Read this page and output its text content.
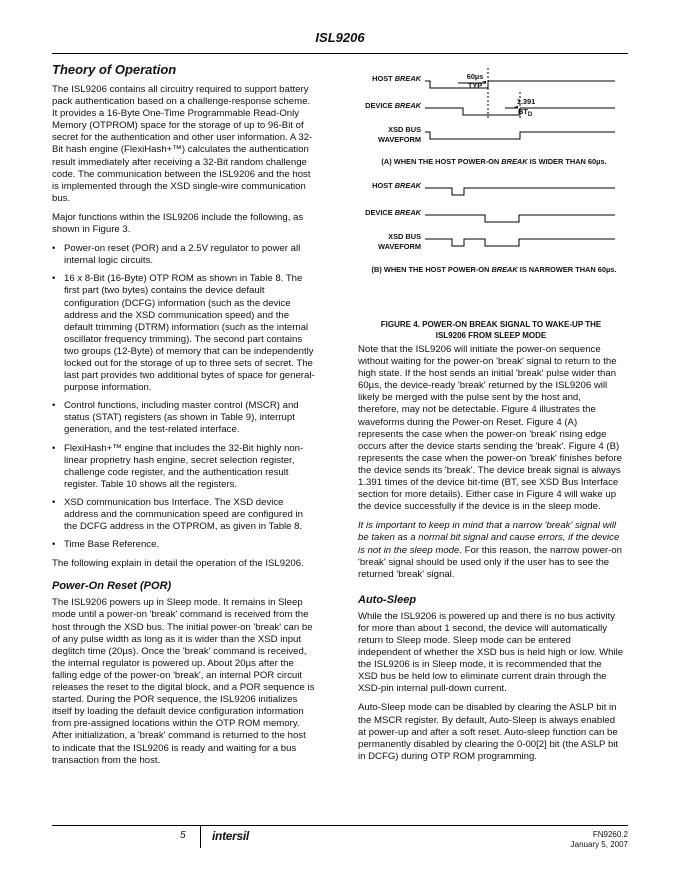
ISL9206
Theory of Operation

The ISL9206 contains all circuitry required to support battery pack authentication based on a challenge-response scheme. It provides a 16-Byte One-Time Programmable Read-Only Memory (OTPROM) space for the storage of up to 96-Bit of secret for the authentication and other user information. A 32-Bit hash engine (FlexiHash+™) calculates the authentication result immediately after receiving a 32-Bit random challenge code. The communication between the ISL9206 and the host is implemented through the XSD single-wire communication bus.

Major functions within the ISL9206 include the following, as shown in Figure 3.

• Power-on reset (POR) and a 2.5V regulator to power all internal logic circuits.
• 16 x 8-Bit (16-Byte) OTP ROM as shown in Table 8. The first part (two bytes) contains the device default configuration (DCFG) information (such as the device address and the XSD communication speed) and the default trimming (DTRM) information (such as the internal oscillator frequency trimming). The second part contains two groups (12-Byte) of memory that can be independently locked out for the storage of up to three sets of secret. The last part provides two additional bytes of space for general-purpose information.
• Control functions, including master control (MSCR) and status (STAT) registers (as shown in Table 9), interrupt generation, and the test-related interface.
• FlexiHash+™ engine that includes the 32-Bit highly non-linear proprietry hash engine, secret selection register, challenge code register, and the authentication result register. Table 10 shows all the registers.
• XSD communication bus Interface. The XSD device address and the communication speed are configured in the DCFG address in the OTPROM, as given in Table 8.
• Time Base Reference.

The following explain in detail the operation of the ISL9206.

Power-On Reset (POR)

The ISL9206 powers up in Sleep mode. It remains in Sleep mode until a power-on 'break' command is received from the host through the XSD bus. The initial power-on 'break' can be of any pulse width as long as it is wider than the XSD input deglitch time (20µs). Once the 'break' command is received, the internal regulator is powered up. About 20µs after the falling edge of the power-on 'break', an internal POR circuit releases the reset to the digital block, and a POR sequence is started. During the POR sequence, the ISL9206 initializes itself by loading the default device configuration information from pre-assigned locations within the OTP ROM memory. After initialization, a 'break' command is returned to the host to indicate that the ISL9206 is ready and waiting for a bus transaction from the host.

HOST BREAK
DEVICE BREAK
XSD BUS
WAVEFORM
HOST BREAK
DEVICE BREAK
XSD BUS
WAVEFORM
60µs
TYP
1.391
$BT_D$
(A) WHEN THE HOST POWER-ON BREAK IS WIDER THAN 60µs.
(B) WHEN THE HOST POWER-ON BREAK IS NARROWER THAN 60µs.
FIGURE 4. POWER-ON BREAK SIGNAL TO WAKE-UP THE
ISL9206 FROM SLEEP MODE

Note that the ISL9206 will initiate the power-on sequence without waiting for the power-on 'break' signal to return to the high state. If the host sends an initial 'break' pulse wider than 60µs, the device-ready 'break' returned by the ISL9206 will likely be merged with the pulse sent by the host and, therefore, may not be detectable. Figure 4 illustrates the waveforms during the Power-on Reset. Figure 4 (A) represents the case when the power-on 'break' rising edge occurs after the device starts sending the 'break'. Figure 4 (B) represents the case when the power-on 'break' finishes before the device sends its 'break'. The device break signal is always 1.391 times of the device bit-time (BT, see XSD Bus Interface section for more details). Either case in Figure 4 will wake up the device successfully if the device is in the sleep mode.

It is important to keep in mind that a narrow 'break' signal will be taken as a normal bit signal and cause errors, if the device is not in the sleep mode. For this reason, the narrow power-on 'break' signal should be used only if the user has to see the returned 'break' signal.

Auto-Sleep

While the ISL9206 is powered up and there is no bus activity for more than about 1 second, the device will automatically return to Sleep mode. Sleep mode can be entered independent of whether the XSD bus is held high or low. While the ISL9206 is in Sleep mode, it is recommended that the XSD bus be held low to eliminate current drain through the XSD-pin internal pull-down current.

Auto-Sleep mode can be disabled by clearing the ASLP bit in the MSCR register. By default, Auto-Sleep is always enabled at power-up and after a soft reset. Auto-sleep function can be permanently disabled by clearing the 0-00[2] bit (the ASLP bit in DCFG) during OTP ROM programming.

5 intersil	FN9260.2
January 5, 2007
